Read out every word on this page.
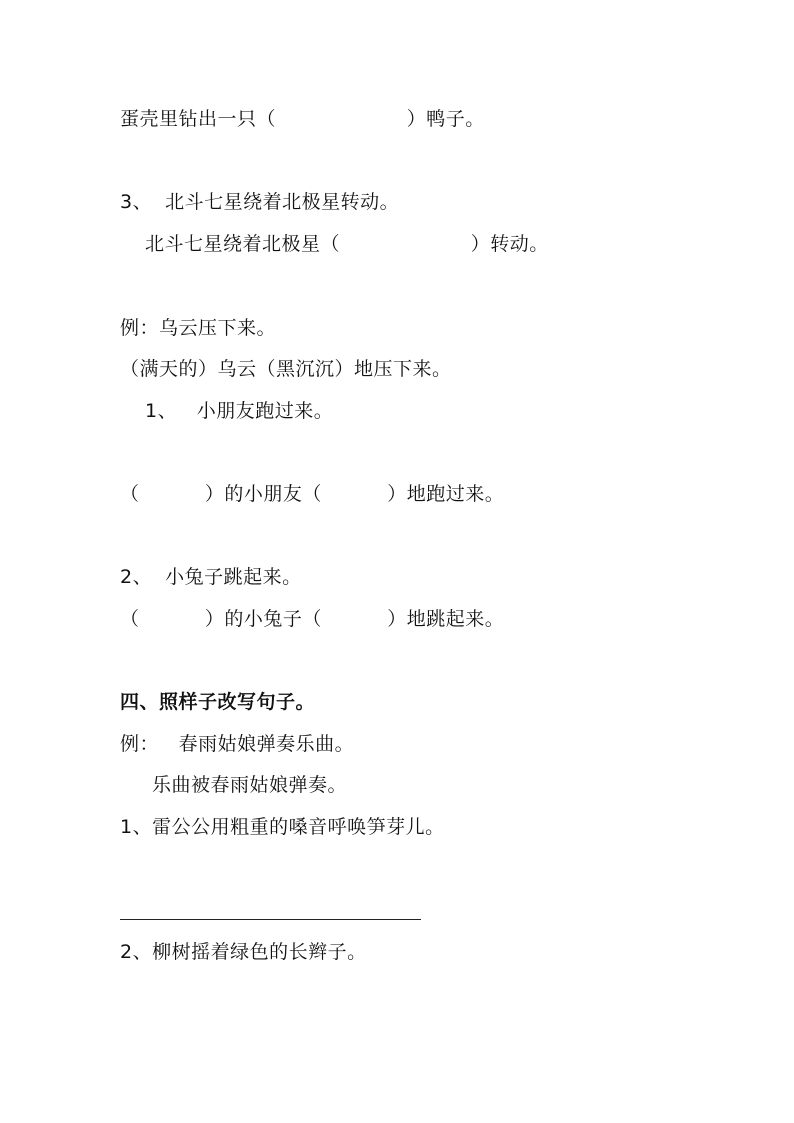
蛋壳里钻出一只（                    ）鸭子。
3、  北斗七星绕着北极星转动。
北斗七星绕着北极星（                    ）转动。
例：乌云压下来。
（满天的）乌云（黑沉沉）地压下来。
1、   小朋友跑过来。
（          ）的小朋友（          ）地跑过来。
2、  小兔子跳起来。
（          ）的小兔子（          ）地跳起来。
四、照样子改写句子。
例：   春雨姑娘弹奏乐曲。
乐曲被春雨姑娘弹奏。
1、雷公公用粗重的嗓音呼唤笋芽儿。
2、柳树摇着绿色的长辫子。
